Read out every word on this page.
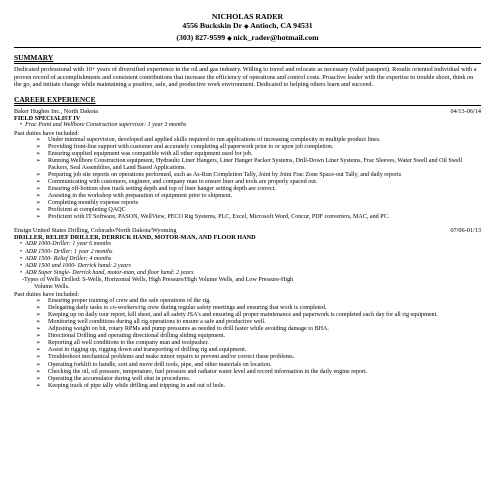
NICHOLAS RADER
4556 Buckskin Dr ◆ Antioch, CA 94531
(303) 827-9599 ◆ nick_rader@hotmail.com
SUMMARY
Dedicated professional with 10+ years of diversified experience in the oil and gas industry. Willing to travel and relocate as necessary (valid passport). Results oriented individual with a proven record of accomplishments and consistent contributions that increase the efficiency of operations and control costs. Proactive leader with the expertise to trouble shoot, think on the go, and initiate change while maintaining a positive, safe, and productive work environment. Dedicated to helping others learn and succeed.
CAREER EXPERIENCE
Baker Hughes Inc., North Dakota	04/13-06/14
FIELD SPECIALIST IV
• Frac Point and Wellbore Construction supervisor: 1 year 3 months
Past duties have included:
➢ Under minimal supervision, developed and applied skills required to run applications of increasing complexity in multiple product lines.
➢ Providing front-line support with customer and accurately completing all paperwork prior to or upon job completion.
➢ Ensuring supplied equipment was compatible with all other equipment used for job.
➢ Running Wellbore Construction equipment, Hydraulic Liner Hangers, Liner Hanger Packer Systems, Drill-Down Liner Systems, Frac Sleeves, Water Swell and Oil Swell Packers, Seal Assemblies, and Land Based Applications.
➢ Preparing job site reports on operations performed, such as As-Run Completion Tally, Joint by Joint Frac Zone Space-out Tally, and daily reports
➢ Communicating with customers, engineer, and company man to ensure liner and tools are properly spaced out.
➢ Ensuring off-bottom shoe track setting depth and top of liner hanger setting depth are correct.
➢ Assisting in the workshop with preparation of equipment prior to shipment.
➢ Completing monthly expense reports
➢ Proficient at completing QAQC
➢ Proficient with IT Software, PASON, WellView, PECO Rig Systems, PLC, Excel, Microsoft Word, Concur, PDF converters, MAC, and PC.
Ensign United States Drilling, Colorado/North Dakota/Wyoming	07/06-01/13
DRILLER, RELIEF DRILLER, DERRICK HAND, MOTOR-MAN, AND FLOOR HAND
• ADR 1000-Driller: 1 year 6 months
• ADR 1500- Driller: 1 year 2 months
• ADR 1500- Relief Driller: 4 months
• ADR 1500 and 1000- Derrick hand: 2 years
• ADR Super Single- Derrick hand, motor-man, and floor hand: 2 years
-Types of Wells Drilled: S-Wells, Horizontal Wells, High Pressure/High Volume Wells, and Low Pressure-High
Volume Wells.
Past duties have included:
➢ Ensuring proper training of crew and the safe operations of the rig.
➢ Delegating daily tasks to co-workers/rig crew during regular safety meetings and ensuring that work is completed.
➢ Keeping up on daily tour report, kill sheet, and all safety JSA's and ensuring all proper maintenance and paperwork is completed each day for all rig equipment.
➢ Monitoring well conditions during all rig operations to ensure a safe and productive well.
➢ Adjusting weight on bit, rotary RPMs and pump pressures as needed to drill faster while avoiding damage to BHA.
➢ Directional Drilling and operating directional drilling sliding equipment.
➢ Reporting all well conditions to the company man and toolpusher.
➢ Assist in rigging up, rigging down and transporting of drilling rig and equipment.
➢ Troubleshoot mechanical problems and make minor repairs to prevent and/or correct these problems.
➢ Operating forklift to handle, sort and move drill tools, pipe, and other materials on location.
➢ Checking the oil, oil pressure, temperature, fuel pressure and radiator water level and record information in the daily engine report.
➢ Operating the accumulator during well shut in procedures.
➢ Keeping track of pipe tally while drilling and tripping in and out of hole.
